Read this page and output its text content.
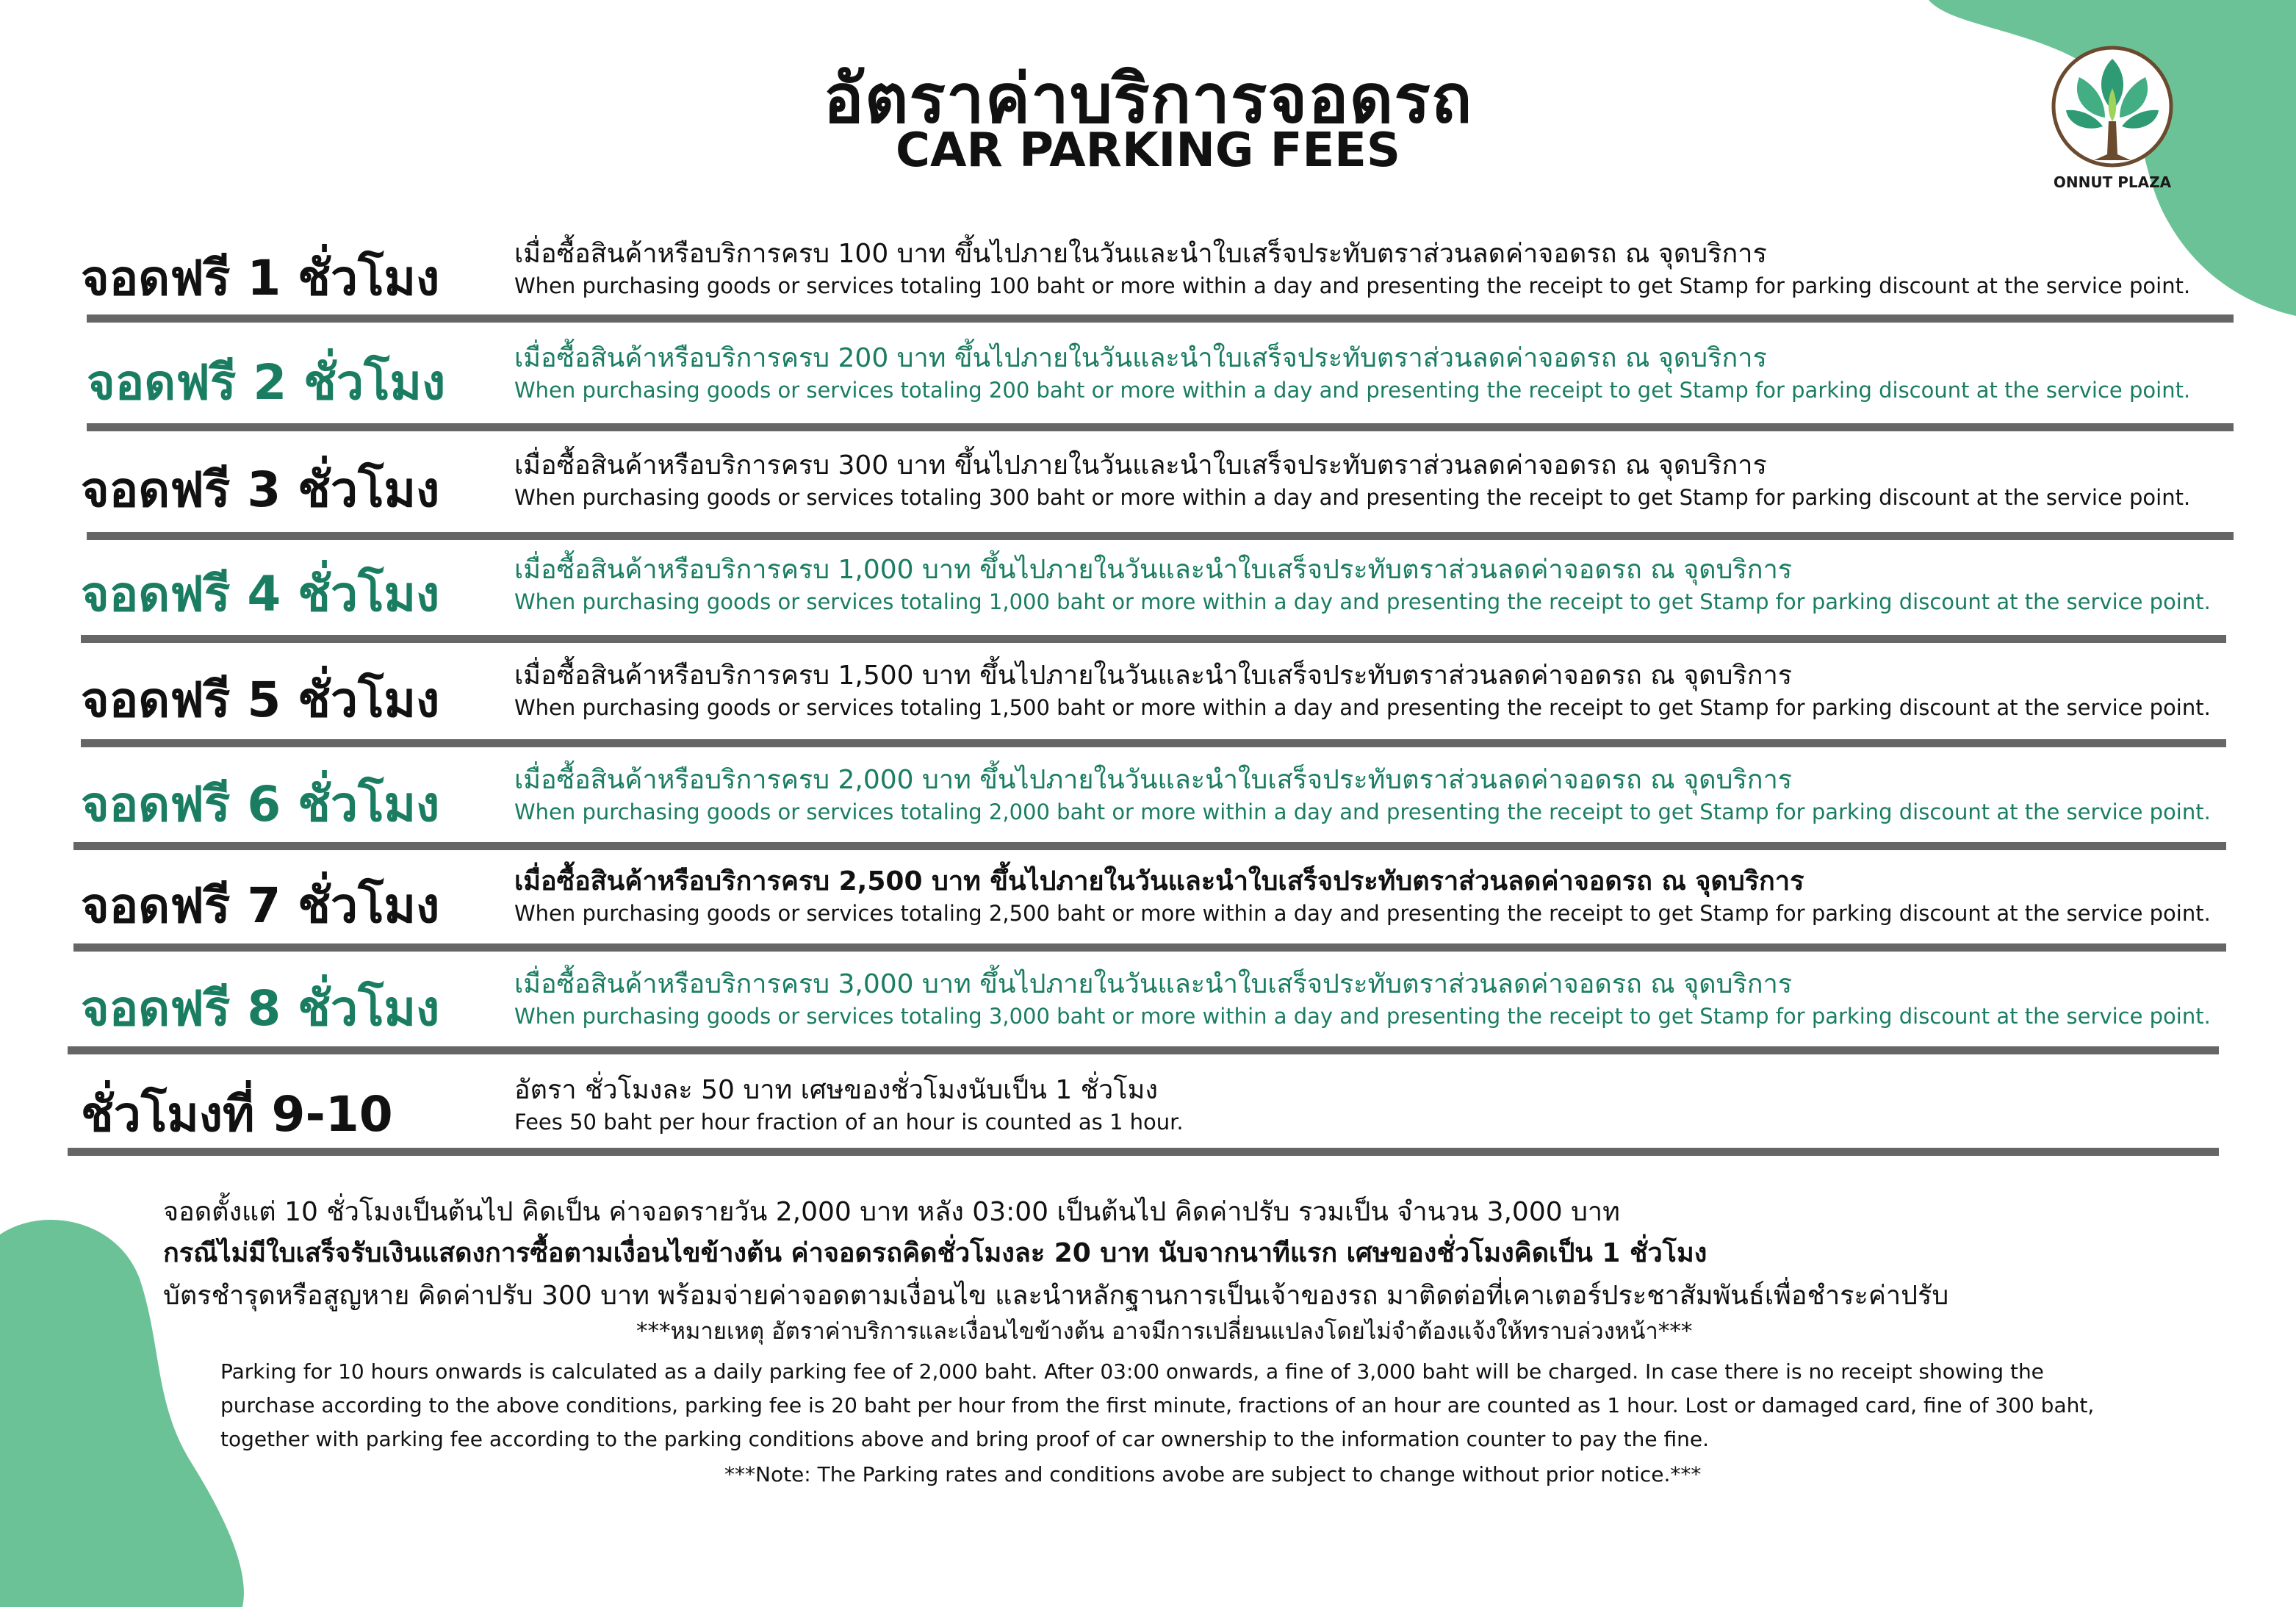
อัตราค่าบริการจอดรถ
CAR PARKING FEES
ONNUT PLAZA
จอดฟรี 1 ชั่วโมง	เมื่อซื้อสินค้าหรือบริการครบ 100 บาท ขึ้นไปภายในวันและนำใบเสร็จประทับตราส่วนลดค่าจอดรถ ณ จุดบริการ
When purchasing goods or services totaling 100 baht or more within a day and presenting the receipt to get Stamp for parking discount at the service point.
จอดฟรี 2 ชั่วโมง	เมื่อซื้อสินค้าหรือบริการครบ 200 บาท ขึ้นไปภายในวันและนำใบเสร็จประทับตราส่วนลดค่าจอดรถ ณ จุดบริการ
When purchasing goods or services totaling 200 baht or more within a day and presenting the receipt to get Stamp for parking discount at the service point.
จอดฟรี 3 ชั่วโมง	เมื่อซื้อสินค้าหรือบริการครบ 300 บาท ขึ้นไปภายในวันและนำใบเสร็จประทับตราส่วนลดค่าจอดรถ ณ จุดบริการ
When purchasing goods or services totaling 300 baht or more within a day and presenting the receipt to get Stamp for parking discount at the service point.
จอดฟรี 4 ชั่วโมง	เมื่อซื้อสินค้าหรือบริการครบ 1,000 บาท ขึ้นไปภายในวันและนำใบเสร็จประทับตราส่วนลดค่าจอดรถ ณ จุดบริการ
When purchasing goods or services totaling 1,000 baht or more within a day and presenting the receipt to get Stamp for parking discount at the service point.
จอดฟรี 5 ชั่วโมง	เมื่อซื้อสินค้าหรือบริการครบ 1,500 บาท ขึ้นไปภายในวันและนำใบเสร็จประทับตราส่วนลดค่าจอดรถ ณ จุดบริการ
When purchasing goods or services totaling 1,500 baht or more within a day and presenting the receipt to get Stamp for parking discount at the service point.
จอดฟรี 6 ชั่วโมง	เมื่อซื้อสินค้าหรือบริการครบ 2,000 บาท ขึ้นไปภายในวันและนำใบเสร็จประทับตราส่วนลดค่าจอดรถ ณ จุดบริการ
When purchasing goods or services totaling 2,000 baht or more within a day and presenting the receipt to get Stamp for parking discount at the service point.
จอดฟรี 7 ชั่วโมง	เมื่อซื้อสินค้าหรือบริการครบ 2,500 บาท ขึ้นไปภายในวันและนำใบเสร็จประทับตราส่วนลดค่าจอดรถ ณ จุดบริการ
When purchasing goods or services totaling 2,500 baht or more within a day and presenting the receipt to get Stamp for parking discount at the service point.
จอดฟรี 8 ชั่วโมง	เมื่อซื้อสินค้าหรือบริการครบ 3,000 บาท ขึ้นไปภายในวันและนำใบเสร็จประทับตราส่วนลดค่าจอดรถ ณ จุดบริการ
When purchasing goods or services totaling 3,000 baht or more within a day and presenting the receipt to get Stamp for parking discount at the service point.
ชั่วโมงที่ 9-10	อัตรา ชั่วโมงละ 50 บาท เศษของชั่วโมงนับเป็น 1 ชั่วโมง
Fees 50 baht per hour fraction of an hour is counted as 1 hour.
จอดตั้งแต่ 10 ชั่วโมงเป็นต้นไป คิดเป็น ค่าจอดรายวัน 2,000 บาท หลัง 03:00 เป็นต้นไป คิดค่าปรับ รวมเป็น จำนวน 3,000 บาท
กรณีไม่มีใบเสร็จรับเงินแสดงการซื้อตามเงื่อนไขข้างต้น ค่าจอดรถคิดชั่วโมงละ 20 บาท นับจากนาทีแรก เศษของชั่วโมงคิดเป็น 1 ชั่วโมง
บัตรชำรุดหรือสูญหาย คิดค่าปรับ 300 บาท พร้อมจ่ายค่าจอดตามเงื่อนไข และนำหลักฐานการเป็นเจ้าของรถ มาติดต่อที่เคาเตอร์ประชาสัมพันธ์เพื่อชำระค่าปรับ
***หมายเหตุ อัตราค่าบริการและเงื่อนไขข้างต้น อาจมีการเปลี่ยนแปลงโดยไม่จำต้องแจ้งให้ทราบล่วงหน้า***
Parking for 10 hours onwards is calculated as a daily parking fee of 2,000 baht. After 03:00 onwards, a fine of 3,000 baht will be charged. In case there is no receipt showing the
purchase according to the above conditions, parking fee is 20 baht per hour from the first minute, fractions of an hour are counted as 1 hour. Lost or damaged card, fine of 300 baht,
together with parking fee according to the parking conditions above and bring proof of car ownership to the information counter to pay the fine.
***Note: The Parking rates and conditions avobe are subject to change without prior notice.***
